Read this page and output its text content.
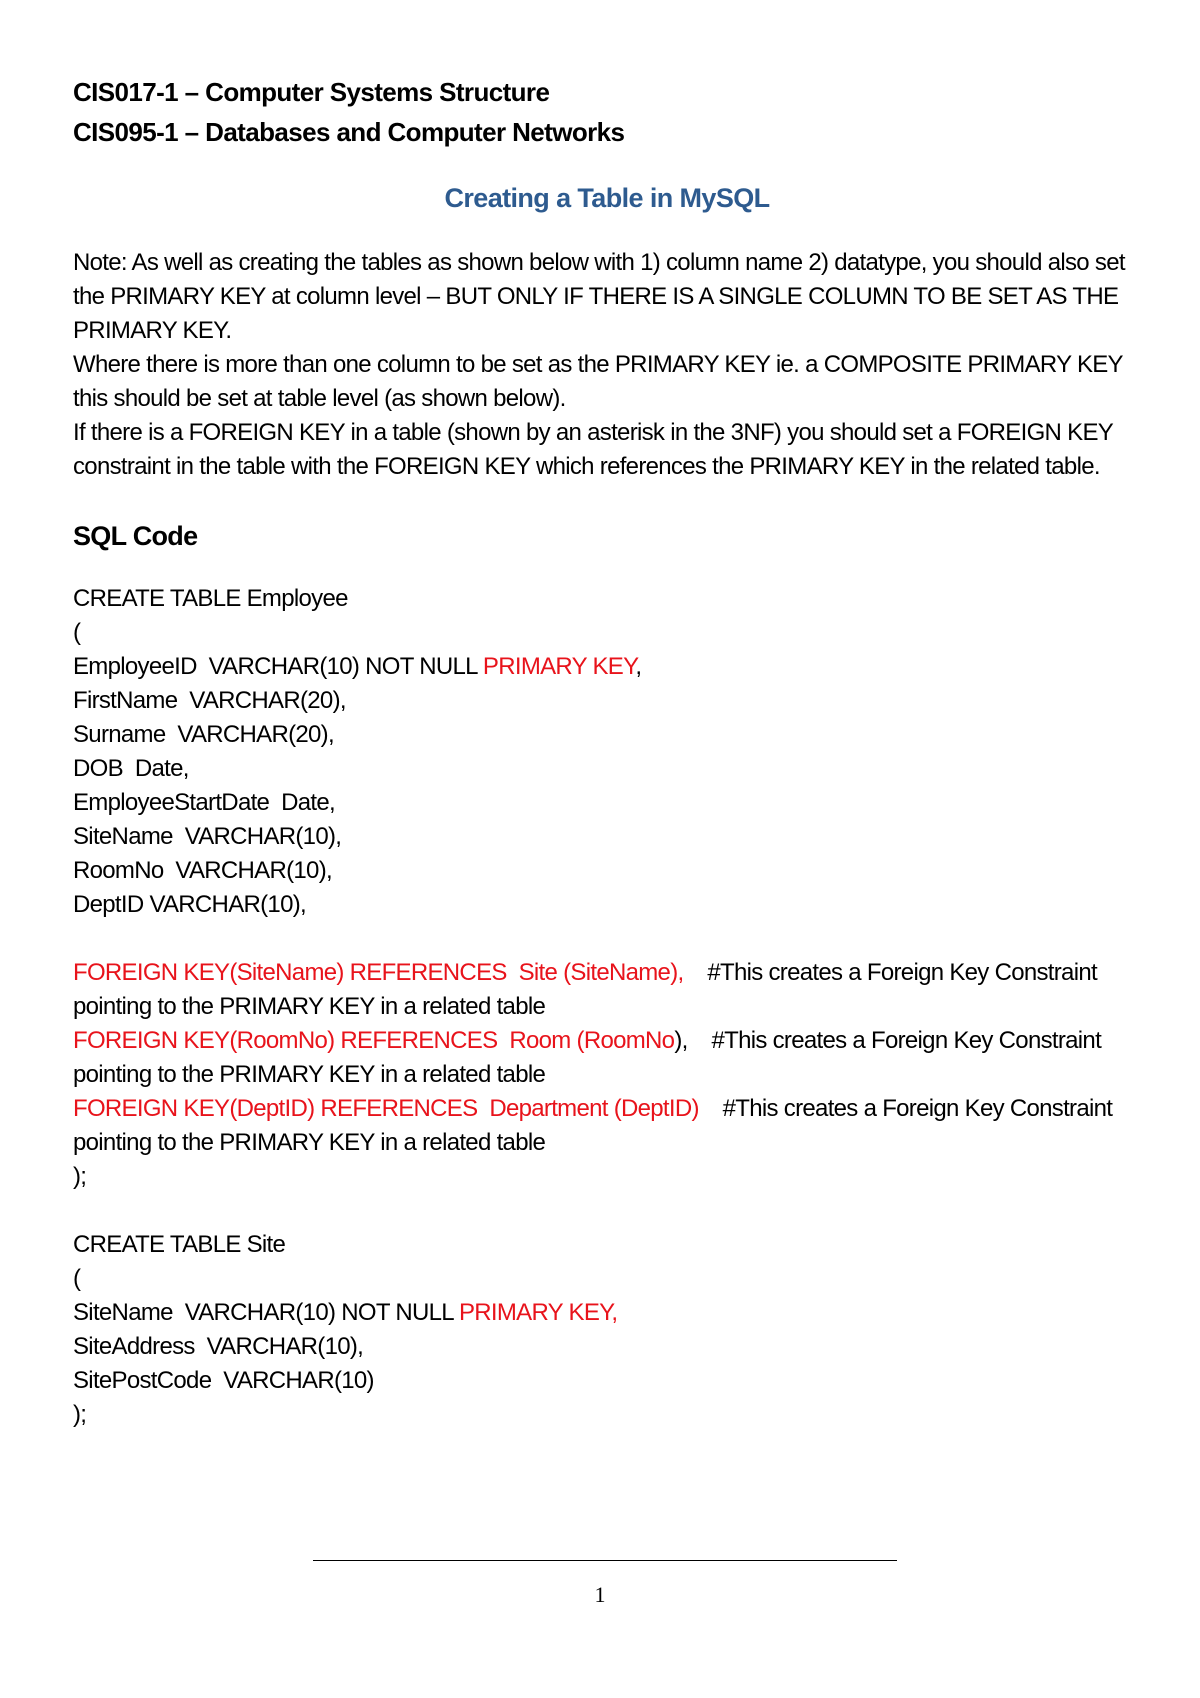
CIS017-1 – Computer Systems Structure
CIS095-1 – Databases and Computer Networks
Creating a Table in MySQL

Note: As well as creating the tables as shown below with 1) column name 2) datatype, you should also set the PRIMARY KEY at column level – BUT ONLY IF THERE IS A SINGLE COLUMN TO BE SET AS THE PRIMARY KEY.

Where there is more than one column to be set as the PRIMARY KEY ie. a COMPOSITE PRIMARY KEY this should be set at table level (as shown below).

If there is a FOREIGN KEY in a table (shown by an asterisk in the 3NF) you should set a FOREIGN KEY constraint in the table with the FOREIGN KEY which references the PRIMARY KEY in the related table.

SQL Code
CREATE TABLE Employee
(
EmployeeID  VARCHAR(10) NOT NULL PRIMARY KEY,
FirstName  VARCHAR(20),
Surname  VARCHAR(20),
DOB  Date,
EmployeeStartDate  Date,
SiteName  VARCHAR(10),
RoomNo  VARCHAR(10),
DeptID VARCHAR(10),
FOREIGN KEY(SiteName) REFERENCES  Site (SiteName),    #This creates a Foreign Key Constraint pointing to the PRIMARY KEY in a related table
FOREIGN KEY(RoomNo) REFERENCES  Room (RoomNo),    #This creates a Foreign Key Constraint pointing to the PRIMARY KEY in a related table
FOREIGN KEY(DeptID) REFERENCES  Department (DeptID)    #This creates a Foreign Key Constraint pointing to the PRIMARY KEY in a related table
);
CREATE TABLE Site
(
SiteName  VARCHAR(10) NOT NULL PRIMARY KEY,
SiteAddress  VARCHAR(10),
SitePostCode  VARCHAR(10)
);
1
